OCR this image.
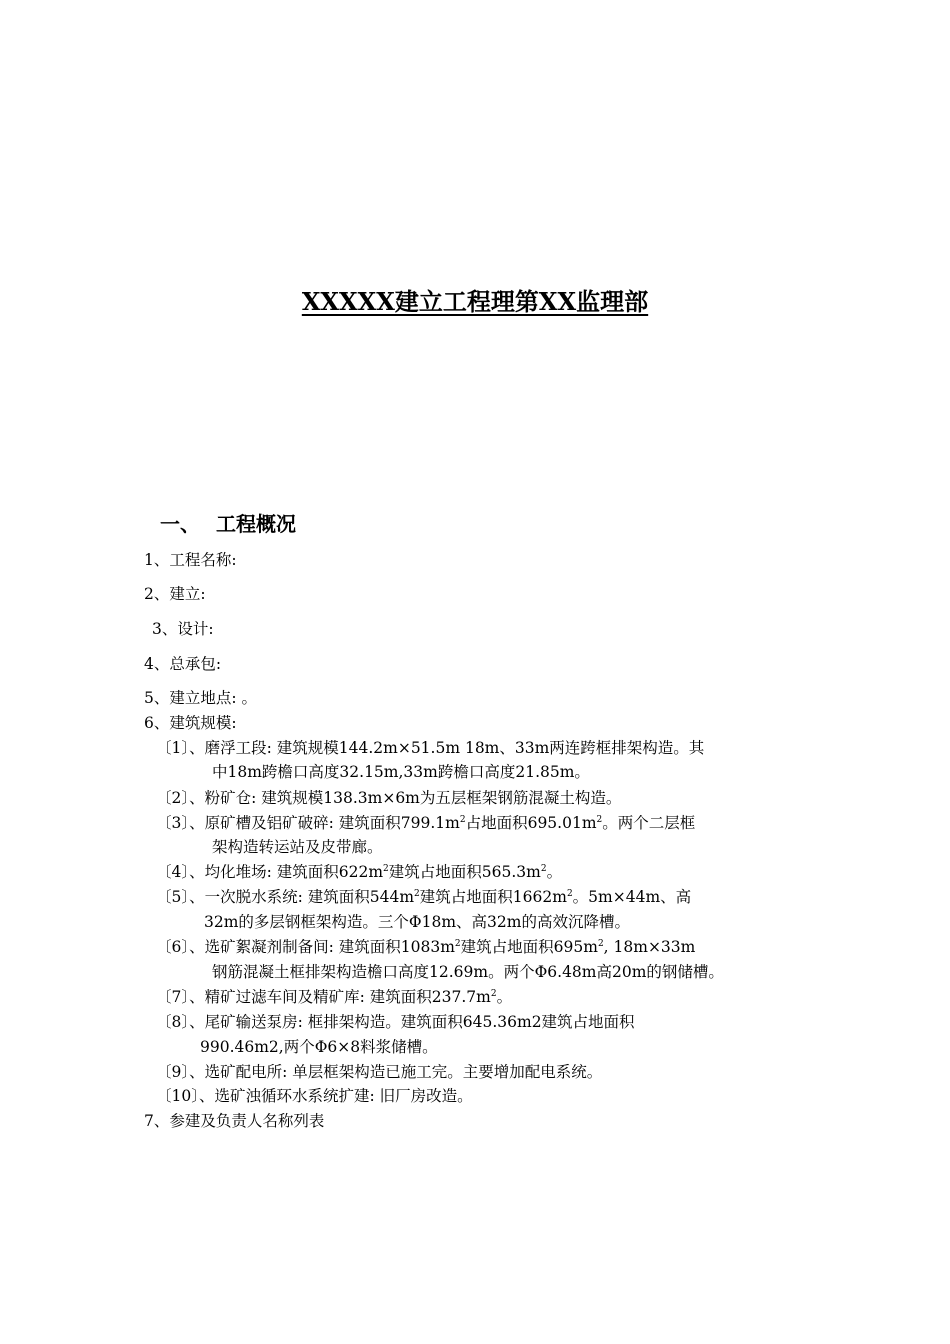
XXXXX建立工程理第XX监理部
一、 工程概况
1、工程名称:
2、建立:
3、设计:
4、总承包:
5、建立地点: 。
6、建筑规模:
〔1〕、磨浮工段: 建筑规模144.2m×51.5m 18m、33m两连跨框排架构造。其
中18m跨檐口高度32.15m,33m跨檐口高度21.85m。
〔2〕、粉矿仓: 建筑规模138.3m×6m为五层框架钢筋混凝土构造。
〔3〕、原矿槽及铝矿破碎: 建筑面积$799.1m^2$占地面积$695.01m^2$。两个二层框
架构造转运站及皮带廊。
〔4〕、均化堆场: 建筑面积$622m^2$建筑占地面积$565.3m^2$。
〔5〕、一次脱水系统: 建筑面积$544m^2$建筑占地面积$1662m^2$。5m×44m、高
32m的多层钢框架构造。三个Φ18m、高32m的高效沉降槽。
〔6〕、选矿絮凝剂制备间: 建筑面积$1083m^2$建筑占地面积$695m^2$, 18m×33m
钢筋混凝土框排架构造檐口高度12.69m。两个Φ6.48m高20m的钢储槽。
〔7〕、精矿过滤车间及精矿库: 建筑面积$237.7m^2$。
〔8〕、尾矿输送泵房: 框排架构造。建筑面积645.36m2建筑占地面积
990.46m2,两个Φ6×8料浆储槽。
〔9〕、选矿配电所: 单层框架构造已施工完。主要增加配电系统。
〔10〕、选矿浊循环水系统扩建: 旧厂房改造。
7、参建及负责人名称列表
